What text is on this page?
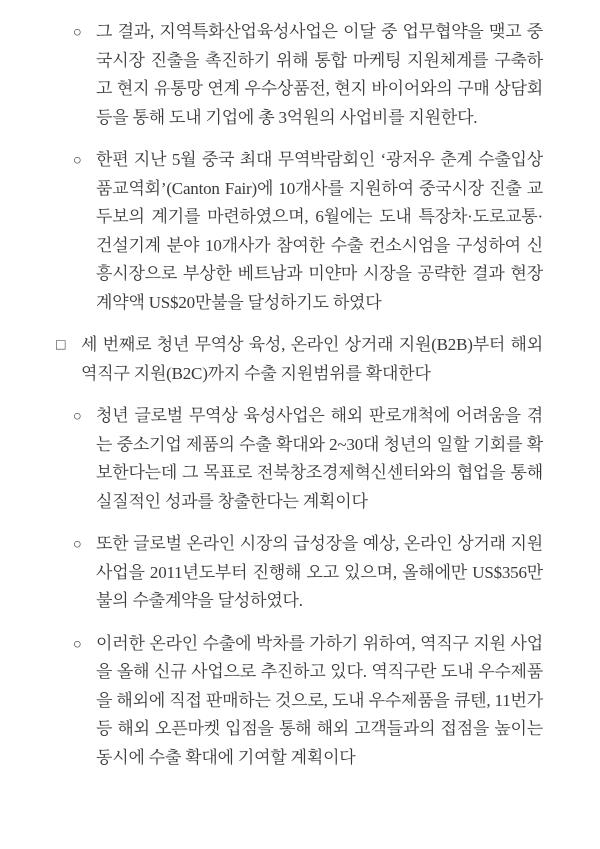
○ 그 결과, 지역특화산업육성사업은 이달 중 업무협약을 맺고 중국시장 진출을 촉진하기 위해 통합 마케팅 지원체계를 구축하고 현지 유통망 연계 우수상품전, 현지 바이어와의 구매 상담회 등을 통해 도내 기업에 총 3억원의 사업비를 지원한다.
○ 한편 지난 5월 중국 최대 무역박람회인 ‘광저우 춘계 수출입상품교역회’(Canton Fair)에 10개사를 지원하여 중국시장 진출 교두보의 계기를 마련하였으며, 6월에는 도내 특장차·도로교통·건설기계 분야 10개사가 참여한 수출 컨소시엄을 구성하여 신흥시장으로 부상한 베트남과 미얀마 시장을 공략한 결과 현장계약액 US$20만불을 달성하기도 하였다
□ 세 번째로 청년 무역상 육성, 온라인 상거래 지원(B2B)부터 해외 역직구 지원(B2C)까지 수출 지원범위를 확대한다
○ 청년 글로벌 무역상 육성사업은 해외 판로개척에 어려움을 겪는 중소기업 제품의 수출 확대와 2~30대 청년의 일할 기회를 확보한다는데 그 목표로 전북창조경제혁신센터와의 협업을 통해 실질적인 성과를 창출한다는 계획이다
○ 또한 글로벌 온라인 시장의 급성장을 예상, 온라인 상거래 지원 사업을 2011년도부터 진행해 오고 있으며, 올해에만 US$356만불의 수출계약을 달성하였다.
○ 이러한 온라인 수출에 박차를 가하기 위하여, 역직구 지원 사업을 올해 신규 사업으로 추진하고 있다. 역직구란 도내 우수제품을 해외에 직접 판매하는 것으로, 도내 우수제품을 큐텐, 11번가 등 해외 오픈마켓 입점을 통해 해외 고객들과의 접점을 높이는 동시에 수출 확대에 기여할 계획이다
